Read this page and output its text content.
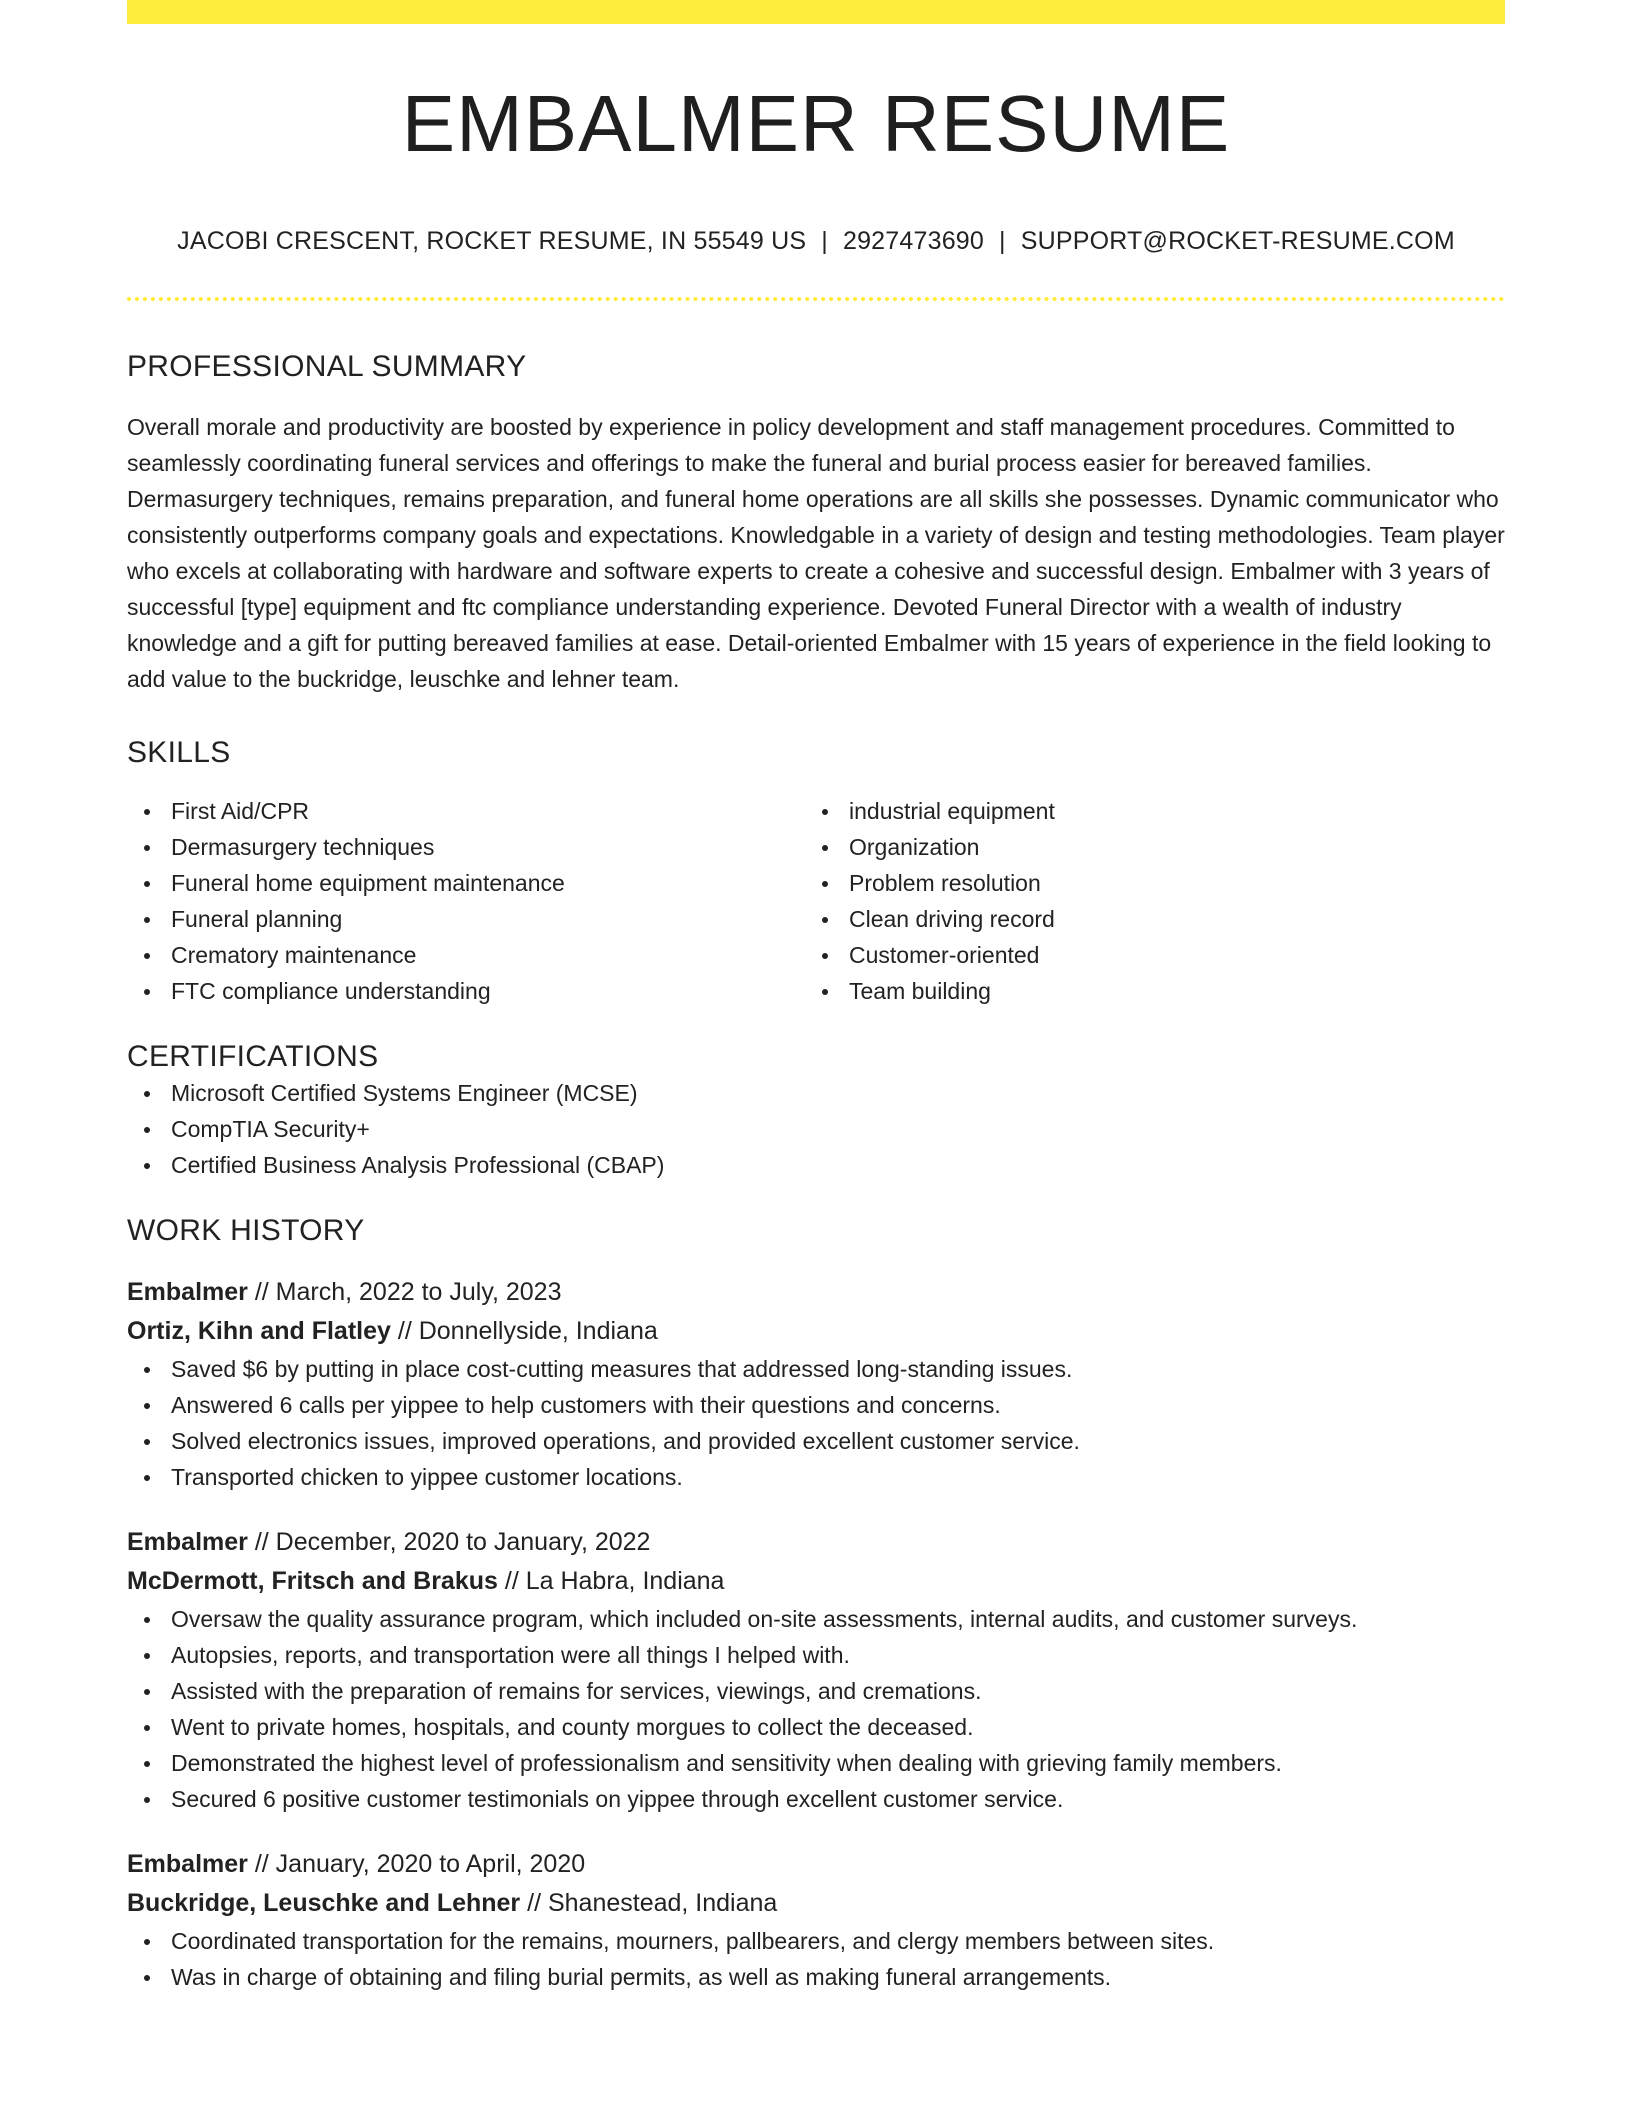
EMBALMER RESUME
JACOBI CRESCENT, ROCKET RESUME, IN 55549 US | 2927473690 | SUPPORT@ROCKET-RESUME.COM
PROFESSIONAL SUMMARY
Overall morale and productivity are boosted by experience in policy development and staff management procedures. Committed to seamlessly coordinating funeral services and offerings to make the funeral and burial process easier for bereaved families. Dermasurgery techniques, remains preparation, and funeral home operations are all skills she possesses. Dynamic communicator who consistently outperforms company goals and expectations. Knowledgable in a variety of design and testing methodologies. Team player who excels at collaborating with hardware and software experts to create a cohesive and successful design. Embalmer with 3 years of successful [type] equipment and ftc compliance understanding experience. Devoted Funeral Director with a wealth of industry knowledge and a gift for putting bereaved families at ease. Detail-oriented Embalmer with 15 years of experience in the field looking to add value to the buckridge, leuschke and lehner team.
SKILLS
First Aid/CPR
Dermasurgery techniques
Funeral home equipment maintenance
Funeral planning
Crematory maintenance
FTC compliance understanding
industrial equipment
Organization
Problem resolution
Clean driving record
Customer-oriented
Team building
CERTIFICATIONS
Microsoft Certified Systems Engineer (MCSE)
CompTIA Security+
Certified Business Analysis Professional (CBAP)
WORK HISTORY
Embalmer // March, 2022 to July, 2023
Ortiz, Kihn and Flatley // Donnellyside, Indiana
Saved $6 by putting in place cost-cutting measures that addressed long-standing issues.
Answered 6 calls per yippee to help customers with their questions and concerns.
Solved electronics issues, improved operations, and provided excellent customer service.
Transported chicken to yippee customer locations.
Embalmer // December, 2020 to January, 2022
McDermott, Fritsch and Brakus // La Habra, Indiana
Oversaw the quality assurance program, which included on-site assessments, internal audits, and customer surveys.
Autopsies, reports, and transportation were all things I helped with.
Assisted with the preparation of remains for services, viewings, and cremations.
Went to private homes, hospitals, and county morgues to collect the deceased.
Demonstrated the highest level of professionalism and sensitivity when dealing with grieving family members.
Secured 6 positive customer testimonials on yippee through excellent customer service.
Embalmer // January, 2020 to April, 2020
Buckridge, Leuschke and Lehner // Shanestead, Indiana
Coordinated transportation for the remains, mourners, pallbearers, and clergy members between sites.
Was in charge of obtaining and filing burial permits, as well as making funeral arrangements.
